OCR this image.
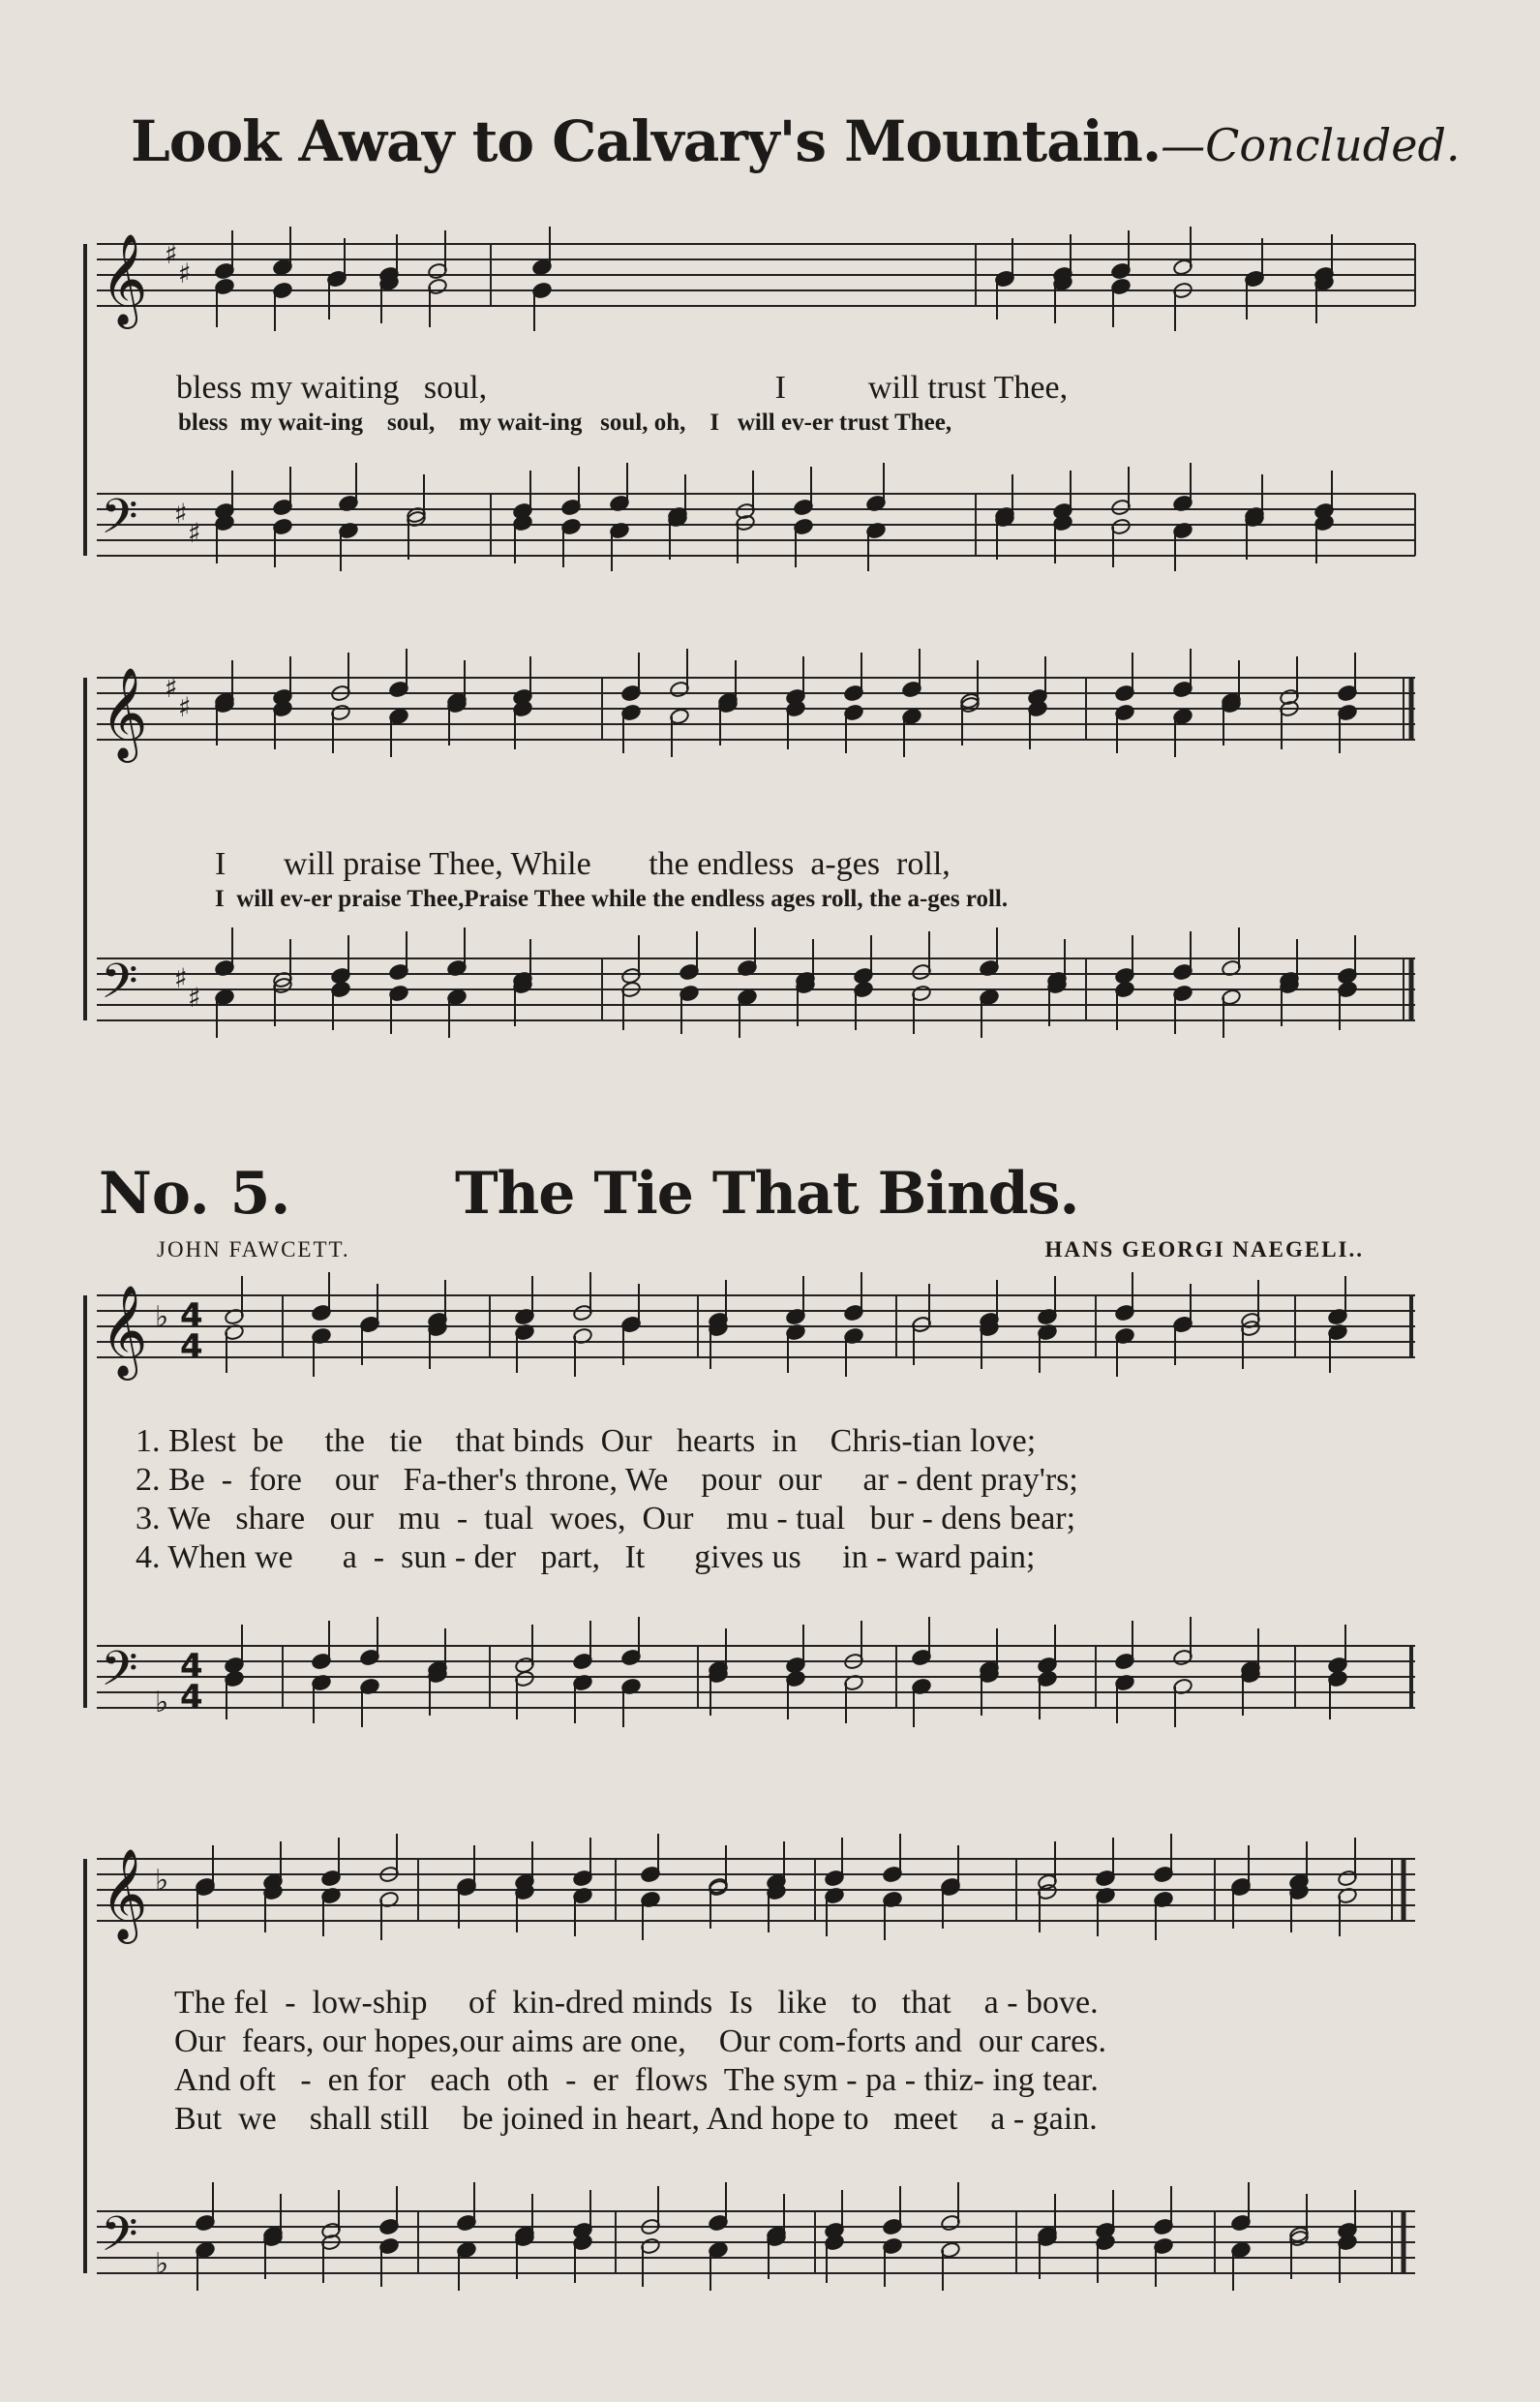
Look Away to Calvary's Mountain.—Concluded.
𝄞
𝄢
𝄞
𝄢
𝄞
𝄢
𝄞
𝄢
♯
♯
♯
♯
♯
♯
♯
♯
♭
♭
♭
♭
4
4
4
4
bless my waiting   soul,                                   I          will trust Thee,
bless  my wait-ing    soul,    my wait-ing   soul, oh,    I   will ev-er trust Thee,
I       will praise Thee, While       the endless  a-ges  roll,
I  will ev-er praise Thee,Praise Thee while the endless ages roll, the a-ges roll.
No. 5.	The Tie That Binds.
JOHN FAWCETT.	HANS GEORGI NAEGELI..
1. Blest  be     the   tie    that binds  Our   hearts  in    Chris-tian love;
2. Be  -  fore    our   Fa-ther's throne, We    pour  our     ar - dent pray'rs;
3. We   share   our   mu  -  tual  woes,  Our    mu - tual   bur - dens bear;
4. When we      a  -  sun - der   part,   It      gives us     in - ward pain;
The fel  -  low-ship     of  kin-dred minds  Is   like   to   that    a - bove.
Our  fears, our hopes,our aims are one,    Our com-forts and  our cares.
And oft   -  en for   each  oth  -  er  flows  The sym - pa - thiz- ing tear.
But  we    shall still    be joined in heart, And hope to   meet    a - gain.
